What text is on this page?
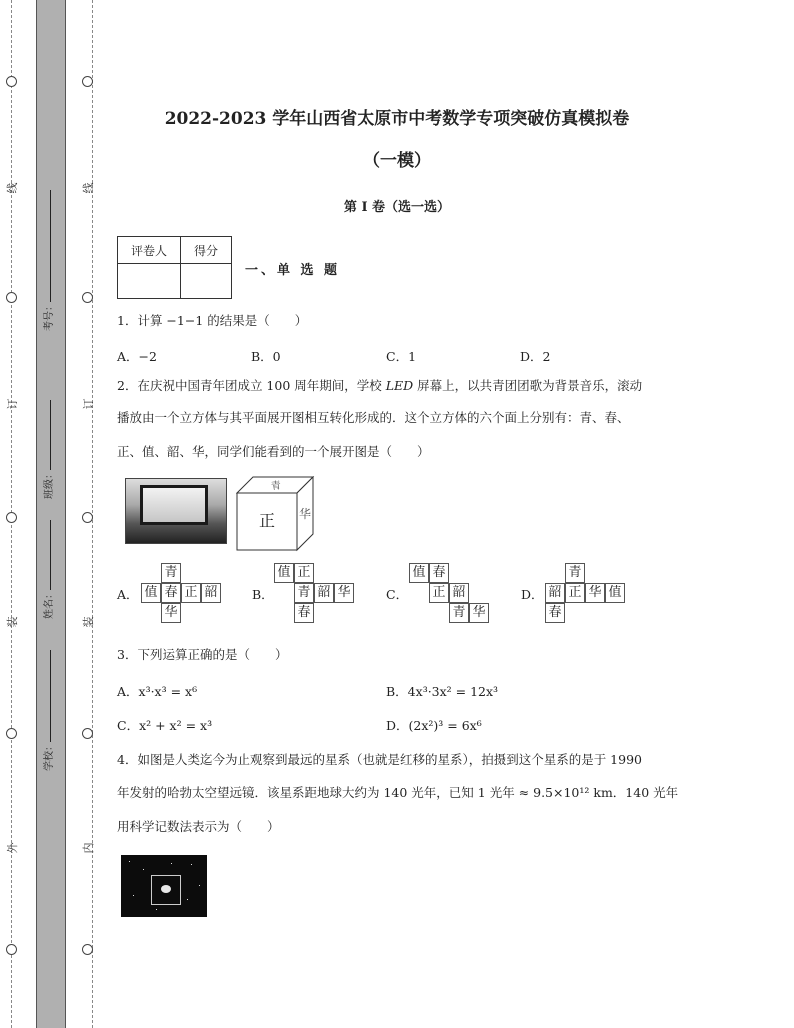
线
订
装
外
线
订
装
内
考号：
班级：
姓名：
学校：
2022-2023 学年山西省太原市中考数学专项突破仿真模拟卷
（一模）
第 I 卷（选一选）
评卷人	得分

一、单 选 题
1．计算 −1−1 的结果是（　　）
A．−2	B．0	C．1	D．2
2．在庆祝中国青年团成立 100 周年期间，学校 LED 屏幕上，以共青团团歌为背景音乐，滚动
播放由一个立方体与其平面展开图相互转化形成的．这个立方体的六个面上分别有：青、春、
正、值、韶、华，同学们能看到的一个展开图是（　　）
青
华
正
A．
青
值 春 正 韶
华
B．
值 正
青 韶 华
春
C．
值 春
正 韶
青 华
D．
青
韶 正 华 值
春
3．下列运算正确的是（　　）
A．x³·x³ = x⁶	B．4x³·3x² = 12x³
C．x² + x² = x³	D．(2x²)³ = 6x⁶
4．如图是人类迄今为止观察到最远的星系（也就是红移的星系），拍摄到这个星系的是于 1990
年发射的哈勃太空望远镜．该星系距地球大约为 140 光年，已知 1 光年 ≈ 9.5×10¹² km．140 光年
用科学记数法表示为（　　）
